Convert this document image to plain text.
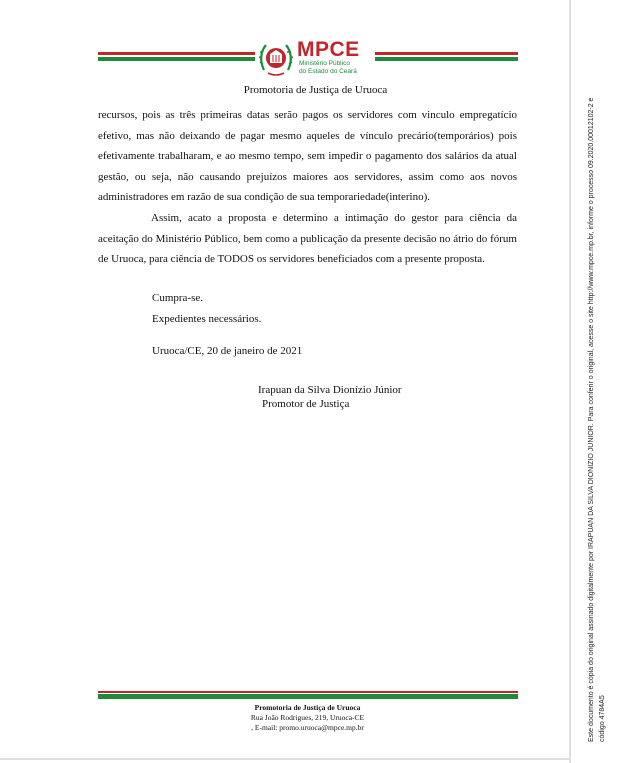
MPCE
Ministério Público
do Estado do Ceará
Promotoria de Justiça de Uruoca

recursos, pois as três primeiras datas serão pagos os servidores com vinculo empregatício efetivo, mas não deixando de pagar mesmo aqueles de vínculo precário(temporários) pois efetivamente trabalharam, e ao mesmo tempo, sem impedir o pagamento dos salários da atual gestão, ou seja, não causando prejuízos maiores aos servidores, assim como aos novos administradores em razão de sua condição de sua temporariedade(interino).

Assim, acato a proposta e determino a intimação do gestor para ciência da aceitação do Ministério Público, bem como a publicação da presente decisão no átrio do fórum de Uruoca, para ciência de TODOS os servidores beneficiados com a presente proposta.

Cumpra-se.
Expedientes necessários.
Uruoca/CE, 20 de janeiro de 2021
Irapuan da Silva Dionízio Júnior
Promotor de Justiça
Promotoria de Justiça de Uruoca
Rua João Rodrigues, 219, Uruoca-CE
, E-mail: promo.uruoca@mpce.mp.br	Este documento é cópia do original assinado digitalmente por IRAPUAN DA SILVA DIONIZIO JUNIOR. Para conferir o original, acesse o site http://www.mpce.mp.br, informe o processo 09.2020.00012102-2 e código 4784A5
